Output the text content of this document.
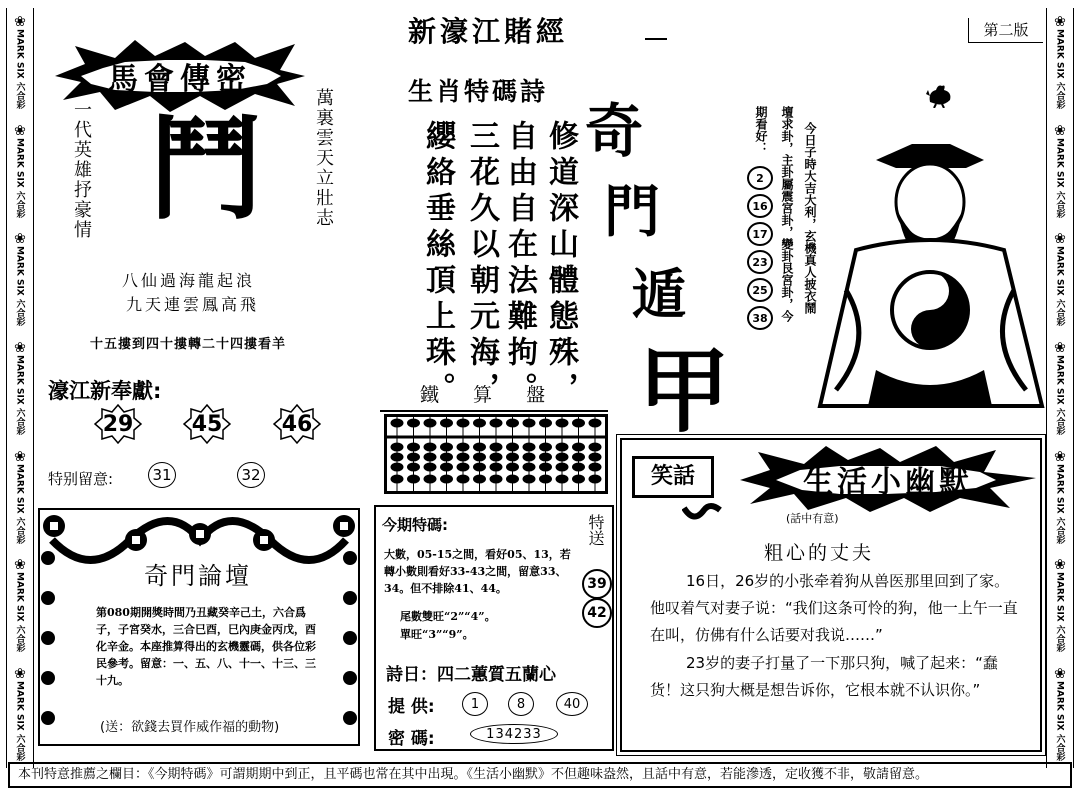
❀
MARK SIX 六合彩
❀
MARK SIX 六合彩
❀
MARK SIX 六合彩
❀
MARK SIX 六合彩
❀
MARK SIX 六合彩
❀
MARK SIX 六合彩
❀
MARK SIX 六合彩
❀
MARK SIX 六合彩
❀
MARK SIX 六合彩
❀
MARK SIX 六合彩
❀
MARK SIX 六合彩
❀
MARK SIX 六合彩
❀
MARK SIX 六合彩
❀
MARK SIX 六合彩
第二版
新濠江賭經
生肖特碼詩
修道深山體態殊，
自由自在法難拘。
三花久以朝元海，
纓絡垂絲頂上珠。 奇
門
遁
甲
馬會傳密
一代英雄抒豪情	萬裏雲天立壯志
鬥
八仙過海龍起浪
九天連雲鳳高飛
十五摟到四十摟轉二十四摟看羊
濠江新奉獻:
29	45	46
特别留意:	31	32
鐵 算 盤
壇求卦，主卦屬震宮卦，變卦艮宮卦，今
期看好：	今日子時大吉大利，玄機真人披衣鬧
2
16
17
23
25
38
奇門論壇
第080期開獎時間乃丑藏癸辛己土，六合爲子，子宮癸水，三合巳酉，巳內庚金丙戊，酉化辛金。本座推算得出的玄機靈碼，供各位彩民參考。留意：一、五、八、十一、十三、三十九。
(送：欲錢去買作威作福的動物)
今期特碼:	特送
大數，05-15之間，看好05、13，若轉小數則看好33-43之間，留意33、34。但不排除41、44。
尾數雙旺“2”“4”。
單旺“3”“9”。
39
42
詩日：四二蕙質五蘭心
提 供:	1	8	40
密 碼:	134233
笑話	生活小幽默
(話中有意)
粗心的丈夫
16日，26岁的小张牵着狗从兽医那里回到了家。他叹着气对妻子说：“我们这条可怜的狗，他一上午一直在叫，仿佛有什么话要对我说……”
23岁的妻子打量了一下那只狗，喊了起来：“蠢货！这只狗大概是想告诉你，它根本就不认识你。”
本刊特意推薦之欄目：《今期特碼》可謂期期中到正，且平碼也常在其中出現。《生活小幽默》不但趣味盎然，且話中有意，若能滲透，定收獲不非，敬請留意。
